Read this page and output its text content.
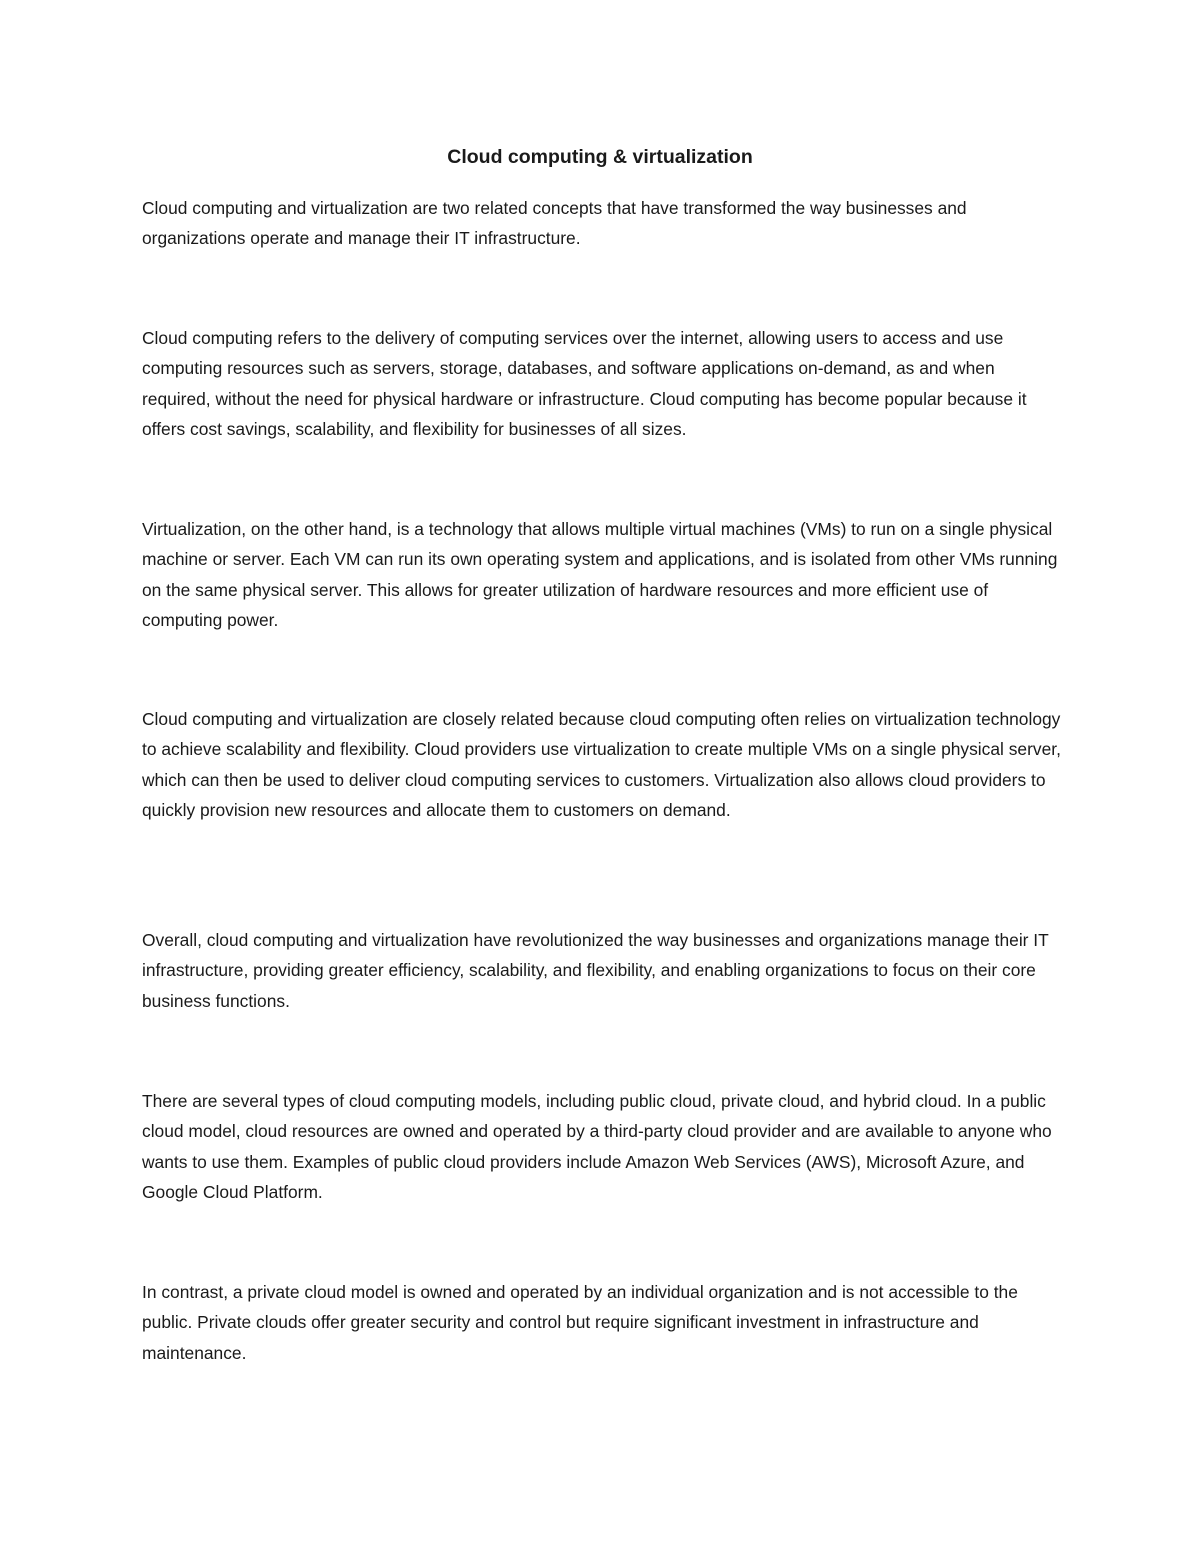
Cloud computing & virtualization

Cloud computing and virtualization are two related concepts that have transformed the way businesses and organizations operate and manage their IT infrastructure.

Cloud computing refers to the delivery of computing services over the internet, allowing users to access and use computing resources such as servers, storage, databases, and software applications on-demand, as and when required, without the need for physical hardware or infrastructure. Cloud computing has become popular because it offers cost savings, scalability, and flexibility for businesses of all sizes.

Virtualization, on the other hand, is a technology that allows multiple virtual machines (VMs) to run on a single physical machine or server. Each VM can run its own operating system and applications, and is isolated from other VMs running on the same physical server. This allows for greater utilization of hardware resources and more efficient use of computing power.

Cloud computing and virtualization are closely related because cloud computing often relies on virtualization technology to achieve scalability and flexibility. Cloud providers use virtualization to create multiple VMs on a single physical server, which can then be used to deliver cloud computing services to customers. Virtualization also allows cloud providers to quickly provision new resources and allocate them to customers on demand.

Overall, cloud computing and virtualization have revolutionized the way businesses and organizations manage their IT infrastructure, providing greater efficiency, scalability, and flexibility, and enabling organizations to focus on their core business functions.

There are several types of cloud computing models, including public cloud, private cloud, and hybrid cloud. In a public cloud model, cloud resources are owned and operated by a third-party cloud provider and are available to anyone who wants to use them. Examples of public cloud providers include Amazon Web Services (AWS), Microsoft Azure, and Google Cloud Platform.

In contrast, a private cloud model is owned and operated by an individual organization and is not accessible to the public. Private clouds offer greater security and control but require significant investment in infrastructure and maintenance.
